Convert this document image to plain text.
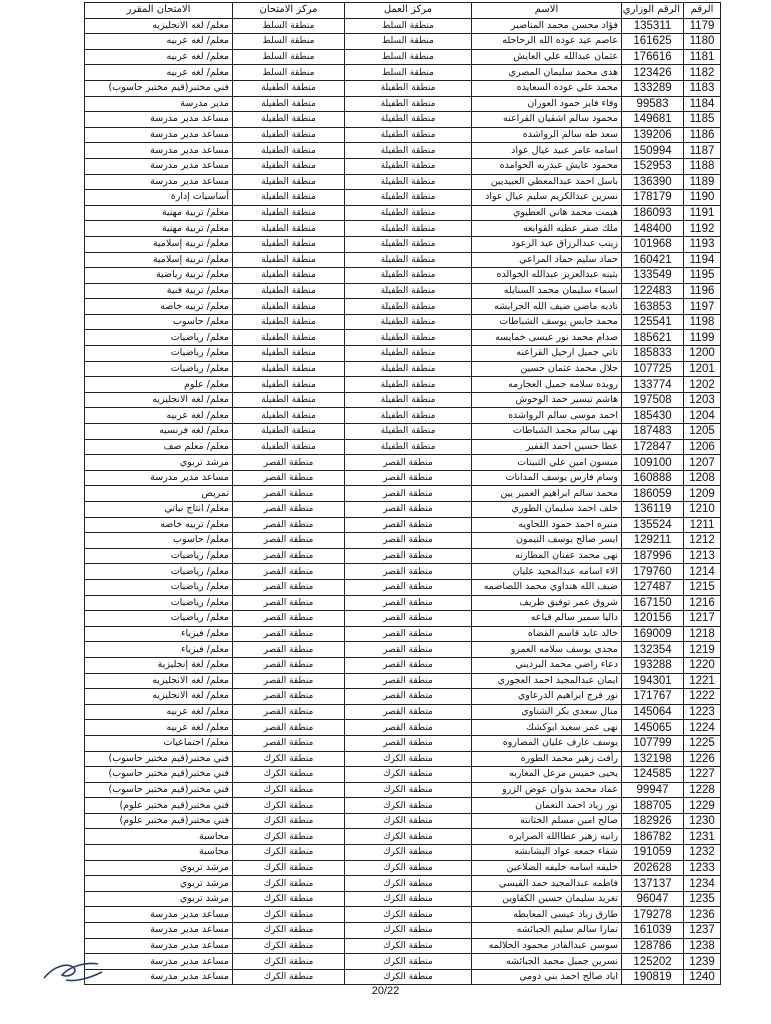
الرقم	الرقم الوزاري	الاسم	مركز العمل	مركز الامتحان	الامتحان المقرر
1179	135311	فؤاد محسن محمد المناصير	منطقة السلط	منطقة السلط	معلم/ لغه الانجليزيه
1180	161625	عاصم عيد عوده الله الرحاحله	منطقة السلط	منطقة السلط	معلم/ لغه عربيه
1181	176616	عثمان عبدالله علي العايش	منطقة السلط	منطقة السلط	معلم/ لغه عربيه
1182	123426	هدى محمد سليمان المصري	منطقة السلط	منطقة السلط	معلم/ لغه عربيه
1183	133289	محمد علي عوده السعايده	منطقة الطفيلة	منطقة الطفيلة	فني مختبر(قيم مختبر حاسوب)
1184	99583	وفاء فايز حمود العوران	منطقة الطفيلة	منطقة الطفيلة	مدير مدرسة
1185	149681	محمود سالم اشقيان القراعنه	منطقة الطفيلة	منطقة الطفيلة	مساعد مدير مدرسة
1186	139206	سعد طه سالم الرواشده	منطقة الطفيلة	منطقة الطفيلة	مساعد مدير مدرسة
1187	150994	اسامه عامر عبيد عيال عواد	منطقة الطفيلة	منطقة الطفيلة	مساعد مدير مدرسة
1188	152953	محمود عايش عبدربه الحوامده	منطقة الطفيلة	منطقة الطفيلة	مساعد مدير مدرسة
1189	136390	باسل احمد عبدالمعطي العبيديين	منطقة الطفيلة	منطقة الطفيلة	مساعد مدير مدرسة
1190	178179	نسرين عبدالكريم سليم عيال عواد	منطقة الطفيلة	منطقة الطفيلة	أساسيات إدارة
1191	186093	هيمت محمد هاني العطيوي	منطقة الطفيلة	منطقة الطفيلة	معلم/ تربية مهنية
1192	148400	ملك صقر عطيه القوابعه	منطقة الطفيلة	منطقة الطفيلة	معلم/ تربية مهنية
1193	101968	زينب عبدالرزاق عيد الرعود	منطقة الطفيلة	منطقة الطفيلة	معلم/ تربية إسلامية
1194	160421	حماد سليم حماد المراعي	منطقة الطفيلة	منطقة الطفيلة	معلم/ تربية إسلامية
1195	133549	بثينه عبدالعزيز عبدالله الخوالده	منطقة الطفيلة	منطقة الطفيلة	معلم/ تربية رياضية
1196	122483	اسماء سليمان محمد السنايله	منطقة الطفيلة	منطقة الطفيلة	معلم/ تربية فنية
1197	163853	ناديه ماضي ضيف الله الجرايشه	منطقة الطفيلة	منطقة الطفيلة	معلم/ تربيه خاصه
1198	125541	محمد حابس يوسف الشباطات	منطقة الطفيلة	منطقة الطفيلة	معلم/ حاسوب
1199	185621	صدام محمد نور عيسى خمايسه	منطقة الطفيلة	منطقة الطفيلة	معلم/ رياضيات
1200	185833	تاتي جميل ارحيل القراعنه	منطقة الطفيلة	منطقة الطفيلة	معلم/ رياضيات
1201	107725	جلال محمد عثمان حسين	منطقة الطفيلة	منطقة الطفيلة	معلم/ رياضيات
1202	133774	رويده سلامه جميل العجارمه	منطقة الطفيلة	منطقة الطفيلة	معلم/ علوم
1203	197508	هاشم تيسير حمد الوحوش	منطقة الطفيلة	منطقة الطفيلة	معلم/ لغه الانجليزيه
1204	185430	احمد موسى سالم الرواشده	منطقة الطفيلة	منطقة الطفيلة	معلم/ لغه عربيه
1205	187483	نهى سالم محمد الشباطات	منطقة الطفيلة	منطقة الطفيلة	معلم/ لغه فرنسيه
1206	172847	عطا حسين احمد القفير	منطقة الطفيلة	منطقة الطفيلة	معلم/ معلم صف
1207	109100	ميسون امين علي الثبيتات	منطقة القصر	منطقة القصر	مرشد تربوي
1208	160888	وسام فارس يوسف المدانات	منطقة القصر	منطقة القصر	مساعد مدير مدرسة
1209	186059	محمد سالم ابراهيم العمير يين	منطقة القصر	منطقة القصر	تمريض
1210	136119	خلف احمد سليمان الطوري	منطقة القصر	منطقة القصر	معلم/ انتاج نباتي
1211	135524	منيره احمد حمود اللحاويه	منطقة القصر	منطقة القصر	معلم/ تربيه خاصه
1212	129211	ايسر صالح يوسف النيمون	منطقة القصر	منطقة القصر	معلم/ حاسوب
1213	187996	نهى محمد عفنان المطارنه	منطقة القصر	منطقة القصر	معلم/ رياضيات
1214	179760	الاء اسامه عبدالمجيد عليان	منطقة القصر	منطقة القصر	معلم/ رياضيات
1215	127487	ضيف الله هنداوي محمد اللصاصمه	منطقة القصر	منطقة القصر	معلم/ رياضيات
1216	167150	شروق عمر توفيق طريف	منطقة القصر	منطقة القصر	معلم/ رياضيات
1217	120156	داليا سمير سالم قباعه	منطقة القصر	منطقة القصر	معلم/ رياضيات
1218	169009	خالد عايد قاسم القضاه	منطقة القصر	منطقة القصر	معلم/ فيزياء
1219	132354	مجدي يوسف سلامه العمرو	منطقة القصر	منطقة القصر	معلم/ فيزياء
1220	193288	دعاء راضي محمد البرديني	منطقة القصر	منطقة القصر	معلم/ لغة إنجليزية
1221	194301	ايمان عبدالمجيد احمد العجوري	منطقة القصر	منطقة القصر	معلم/ لغه الانجليزيه
1222	171767	نور فرج ابراهيم الدرعاوي	منطقة القصر	منطقة القصر	معلم/ لغه الانجليزيه
1223	145064	منال سعدي بكر الشناوي	منطقة القصر	منطقة القصر	معلم/ لغه عربيه
1224	145065	نهى عمر سعيد ابوكشك	منطقة القصر	منطقة القصر	معلم/ لغه عربيه
1225	107799	يوسف عارف عليان المصاروه	منطقة القصر	منطقة القصر	معلم/ اجتماعيات
1226	132198	رأفت زهير محمد الطوره	منطقة الكرك	منطقة الكرك	فني مختبر(قيم مختبر حاسوب)
1227	124585	يحيى خميس مزعل المغاربه	منطقة الكرك	منطقة الكرك	فني مختبر(قيم مختبر حاسوب)
1228	99947	عماد محمد بدوان عوض الزرو	منطقة الكرك	منطقة الكرك	فني مختبر(قيم مختبر حاسوب)
1229	188705	نور زياد احمد النعمان	منطقة الكرك	منطقة الكرك	فني مختبر(قيم مختبر علوم)
1230	182926	صالح امين مسلم الخثانته	منطقة الكرك	منطقة الكرك	فني مختبر(قيم مختبر علوم)
1231	186782	رانيه زهير عطاالله الصرايره	منطقة الكرك	منطقة الكرك	محاسبة
1232	191059	شفاء جمعه عواد البشابشه	منطقة الكرك	منطقة الكرك	محاسبة
1233	202628	خليفه اسامه خليفه الضلاعين	منطقة الكرك	منطقة الكرك	مرشد تربوي
1234	137137	فاطمه عبدالمجيد حمد القيسي	منطقة الكرك	منطقة الكرك	مرشد تربوي
1235	96047	تغريد سليمان حسين الكفاوين	منطقة الكرك	منطقة الكرك	مرشد تربوي
1236	179278	طارق زياد عيسى المعايطه	منطقة الكرك	منطقة الكرك	مساعد مدير مدرسة
1237	161039	تمارا سالم سليم الجبائشه	منطقة الكرك	منطقة الكرك	مساعد مدير مدرسة
1238	128786	سوسن عبدالقادر محمود الحلالمه	منطقة الكرك	منطقة الكرك	مساعد مدير مدرسة
1239	125202	نسرين جميل محمد الجبائشه	منطقة الكرك	منطقة الكرك	مساعد مدير مدرسة
1240	190819	اياد صالح احمد بني دومي	منطقة الكرك	منطقة الكرك	مساعد مدير مدرسة
20/22
